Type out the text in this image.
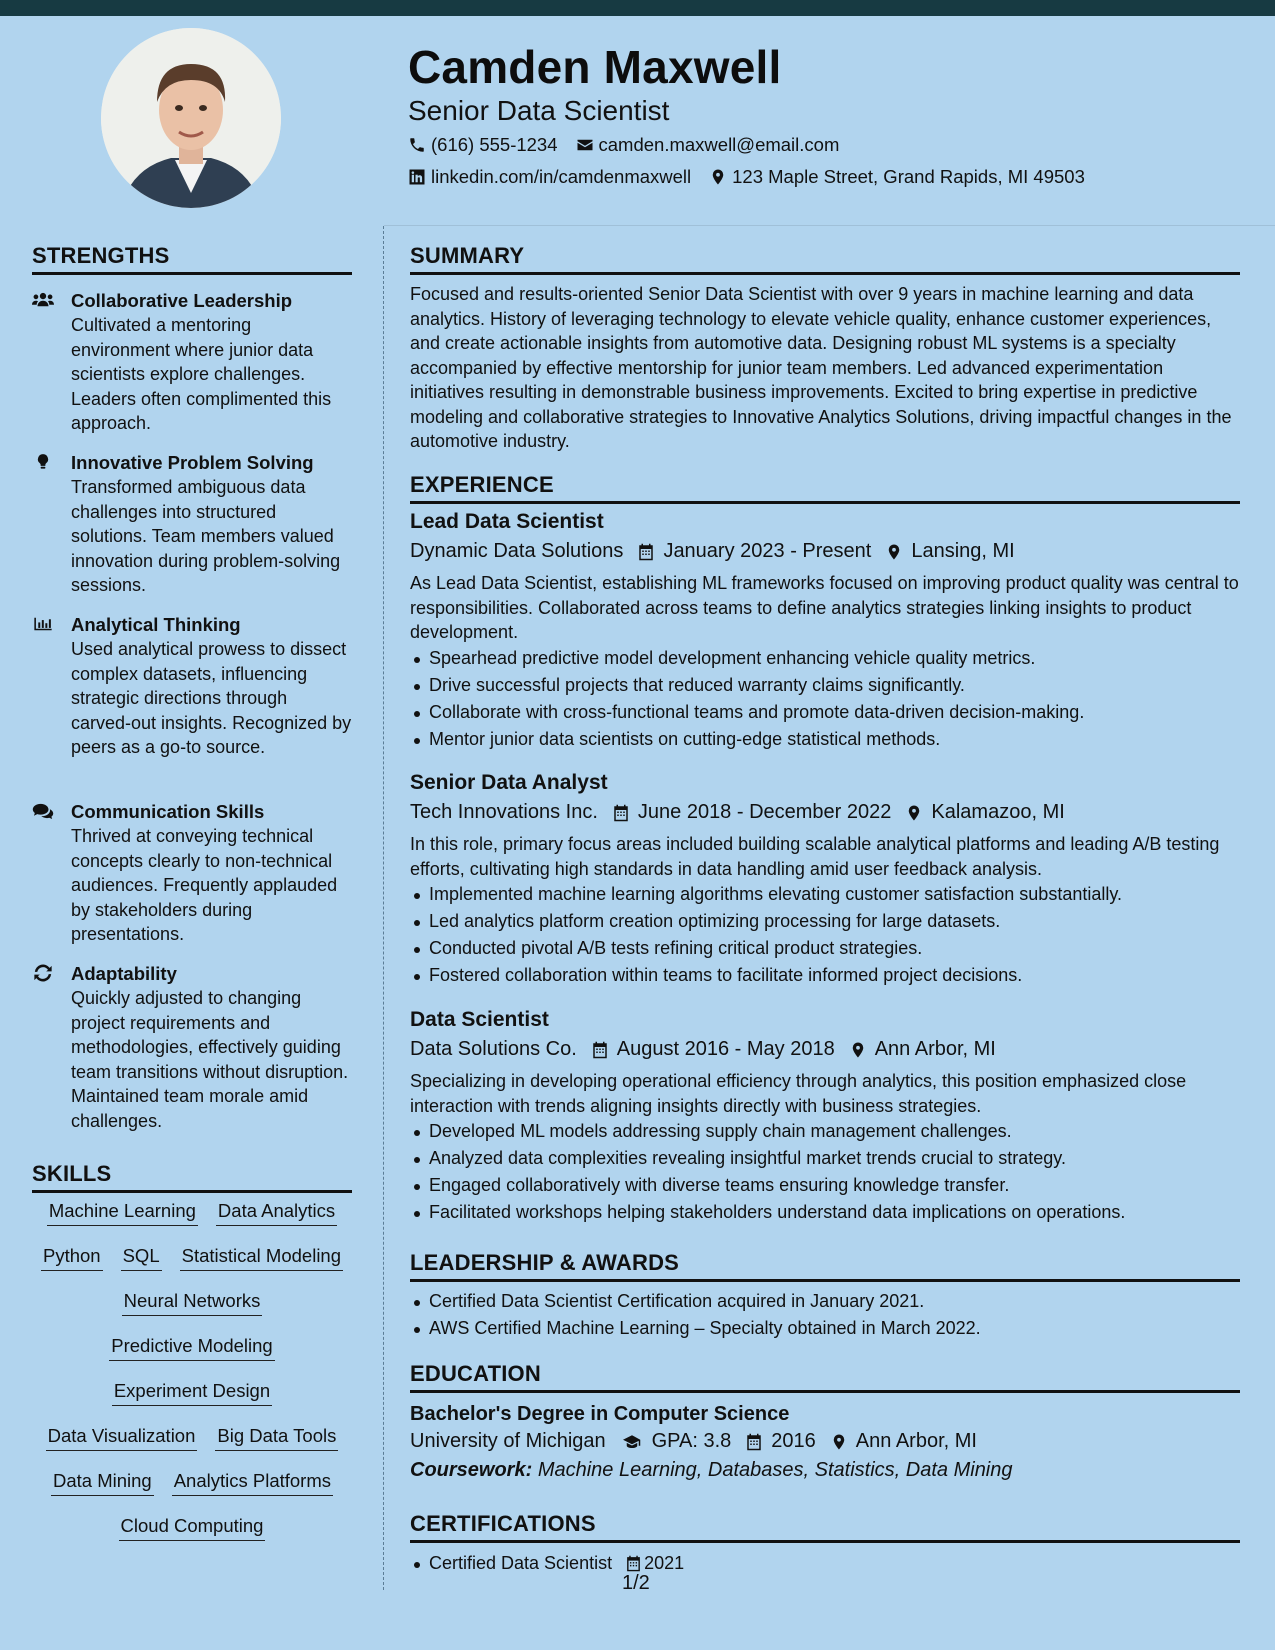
Camden Maxwell
Senior Data Scientist
(616) 555-1234 camden.maxwell@email.com
linkedin.com/in/camdenmaxwell 123 Maple Street, Grand Rapids, MI 49503
STRENGTHS
Collaborative Leadership
Cultivated a mentoring environment where junior data scientists explore challenges. Leaders often complimented this approach.
Innovative Problem Solving
Transformed ambiguous data challenges into structured solutions. Team members valued innovation during problem-solving sessions.
Analytical Thinking
Used analytical prowess to dissect complex datasets, influencing strategic directions through carved-out insights. Recognized by peers as a go-to source.
Communication Skills
Thrived at conveying technical concepts clearly to non-technical audiences. Frequently applauded by stakeholders during presentations.
Adaptability
Quickly adjusted to changing project requirements and methodologies, effectively guiding team transitions without disruption. Maintained team morale amid challenges.
SKILLS
Machine Learning Data Analytics
Python SQL Statistical Modeling
Neural Networks
Predictive Modeling
Experiment Design
Data Visualization Big Data Tools
Data Mining Analytics Platforms
Cloud Computing
SUMMARY
Focused and results-oriented Senior Data Scientist with over 9 years in machine learning and data analytics. History of leveraging technology to elevate vehicle quality, enhance customer experiences, and create actionable insights from automotive data. Designing robust ML systems is a specialty accompanied by effective mentorship for junior team members. Led advanced experimentation initiatives resulting in demonstrable business improvements. Excited to bring expertise in predictive modeling and collaborative strategies to Innovative Analytics Solutions, driving impactful changes in the automotive industry.
EXPERIENCE
Lead Data Scientist
Dynamic Data Solutions January 2023 - Present Lansing, MI
As Lead Data Scientist, establishing ML frameworks focused on improving product quality was central to responsibilities. Collaborated across teams to define analytics strategies linking insights to product development.
Spearhead predictive model development enhancing vehicle quality metrics.
Drive successful projects that reduced warranty claims significantly.
Collaborate with cross-functional teams and promote data-driven decision-making.
Mentor junior data scientists on cutting-edge statistical methods.
Senior Data Analyst
Tech Innovations Inc. June 2018 - December 2022 Kalamazoo, MI
In this role, primary focus areas included building scalable analytical platforms and leading A/B testing efforts, cultivating high standards in data handling amid user feedback analysis.
Implemented machine learning algorithms elevating customer satisfaction substantially.
Led analytics platform creation optimizing processing for large datasets.
Conducted pivotal A/B tests refining critical product strategies.
Fostered collaboration within teams to facilitate informed project decisions.
Data Scientist
Data Solutions Co. August 2016 - May 2018 Ann Arbor, MI
Specializing in developing operational efficiency through analytics, this position emphasized close interaction with trends aligning insights directly with business strategies.
Developed ML models addressing supply chain management challenges.
Analyzed data complexities revealing insightful market trends crucial to strategy.
Engaged collaboratively with diverse teams ensuring knowledge transfer.
Facilitated workshops helping stakeholders understand data implications on operations.
LEADERSHIP & AWARDS
Certified Data Scientist Certification acquired in January 2021.
AWS Certified Machine Learning – Specialty obtained in March 2022.
EDUCATION
Bachelor's Degree in Computer Science
University of Michigan GPA: 3.8 2016 Ann Arbor, MI
Coursework: Machine Learning, Databases, Statistics, Data Mining
CERTIFICATIONS
Certified Data Scientist 2021
1/2
